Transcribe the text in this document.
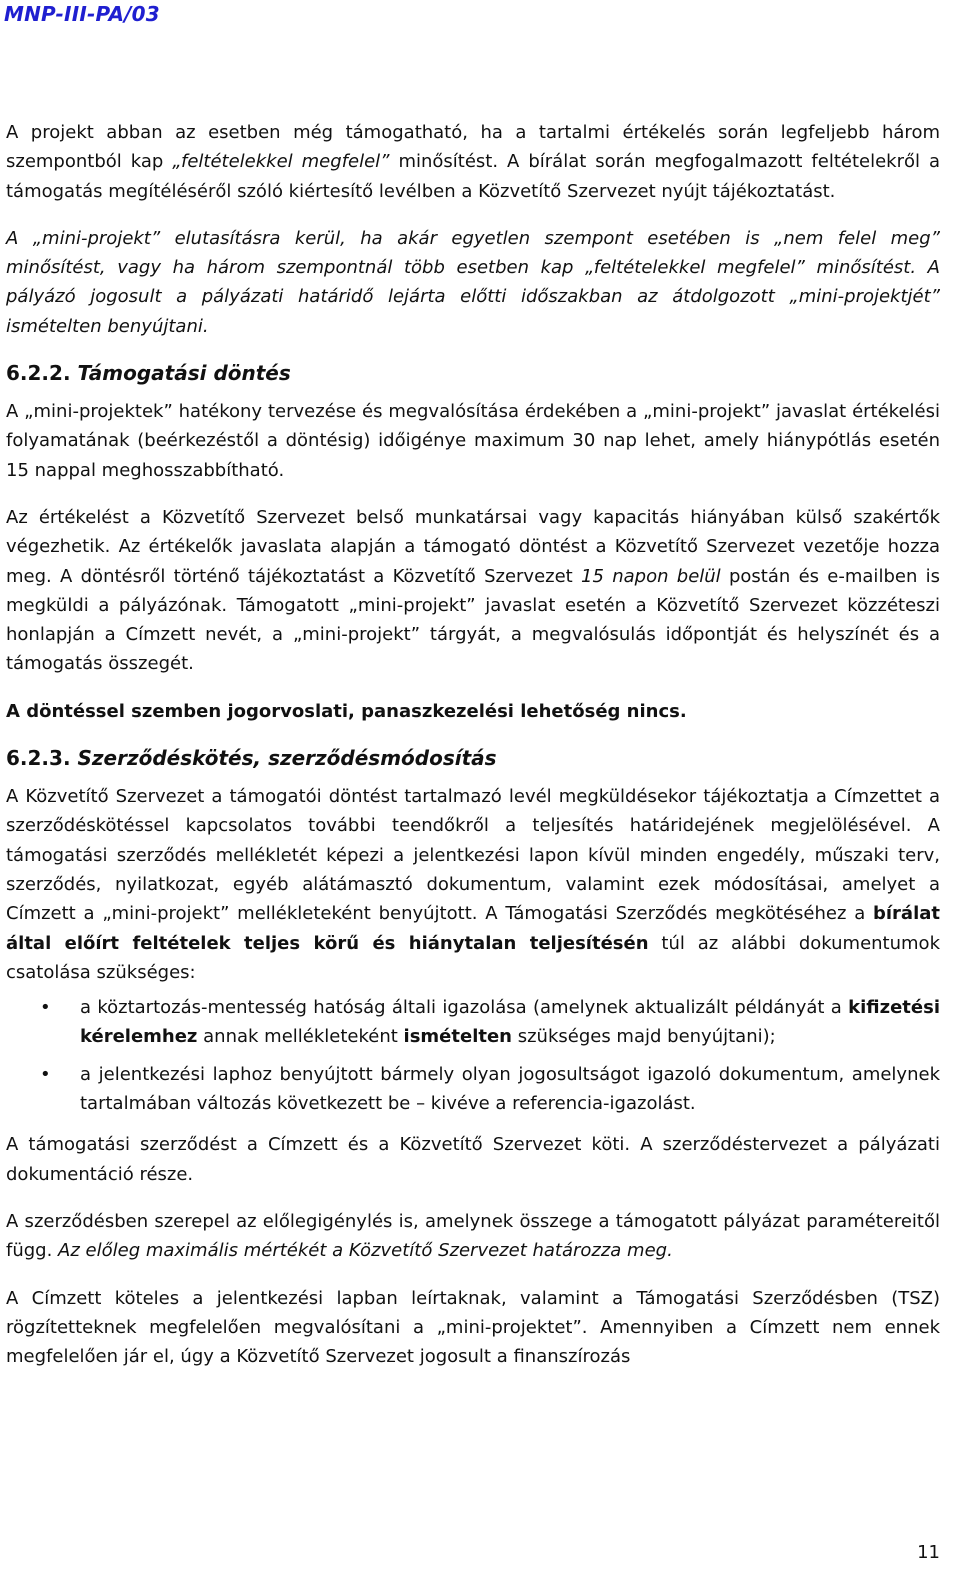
MNP-III-PA/03

A projekt abban az esetben még támogatható, ha a tartalmi értékelés során legfeljebb három szempontból kap „feltételekkel megfelel” minősítést. A bírálat során megfogalmazott feltételekről a támogatás megítéléséről szóló kiértesítő levélben a Közvetítő Szervezet nyújt tájékoztatást.

A „mini-projekt” elutasításra kerül, ha akár egyetlen szempont esetében is „nem felel meg” minősítést, vagy ha három szempontnál több esetben kap „feltételekkel megfelel” minősítést. A pályázó jogosult a pályázati határidő lejárta előtti időszakban az átdolgozott „mini-projektjét” ismételten benyújtani.

6.2.2. Támogatási döntés

A „mini-projektek” hatékony tervezése és megvalósítása érdekében a „mini-projekt” javaslat értékelési folyamatának (beérkezéstől a döntésig) időigénye maximum 30 nap lehet, amely hiánypótlás esetén 15 nappal meghosszabbítható.

Az értékelést a Közvetítő Szervezet belső munkatársai vagy kapacitás hiányában külső szakértők végezhetik. Az értékelők javaslata alapján a támogató döntést a Közvetítő Szervezet vezetője hozza meg. A döntésről történő tájékoztatást a Közvetítő Szervezet 15 napon belül postán és e-mailben is megküldi a pályázónak. Támogatott „mini-projekt” javaslat esetén a Közvetítő Szervezet közzéteszi honlapján a Címzett nevét, a „mini-projekt” tárgyát, a megvalósulás időpontját és helyszínét és a támogatás összegét.

A döntéssel szemben jogorvoslati, panaszkezelési lehetőség nincs.

6.2.3. Szerződéskötés, szerződésmódosítás

A Közvetítő Szervezet a támogatói döntést tartalmazó levél megküldésekor tájékoztatja a Címzettet a szerződéskötéssel kapcsolatos további teendőkről a teljesítés határidejének megjelölésével. A támogatási szerződés mellékletét képezi a jelentkezési lapon kívül minden engedély, műszaki terv, szerződés, nyilatkozat, egyéb alátámasztó dokumentum, valamint ezek módosításai, amelyet a Címzett a „mini-projekt” mellékleteként benyújtott. A Támogatási Szerződés megkötéséhez a bírálat által előírt feltételek teljes körű és hiánytalan teljesítésén túl az alábbi dokumentumok csatolása szükséges:

• a köztartozás-mentesség hatóság általi igazolása (amelynek aktualizált példányát a kifizetési kérelemhez annak mellékleteként ismételten szükséges majd benyújtani);
• a jelentkezési laphoz benyújtott bármely olyan jogosultságot igazoló dokumentum, amelynek tartalmában változás következett be – kivéve a referencia-igazolást.

A támogatási szerződést a Címzett és a Közvetítő Szervezet köti. A szerződéstervezet a pályázati dokumentáció része.

A szerződésben szerepel az előlegigénylés is, amelynek összege a támogatott pályázat paramétereitől függ. Az előleg maximális mértékét a Közvetítő Szervezet határozza meg.

A Címzett köteles a jelentkezési lapban leírtaknak, valamint a Támogatási Szerződésben (TSZ) rögzítetteknek megfelelően megvalósítani a „mini-projektet”. Amennyiben a Címzett nem ennek megfelelően jár el, úgy a Közvetítő Szervezet jogosult a finanszírozás

11
